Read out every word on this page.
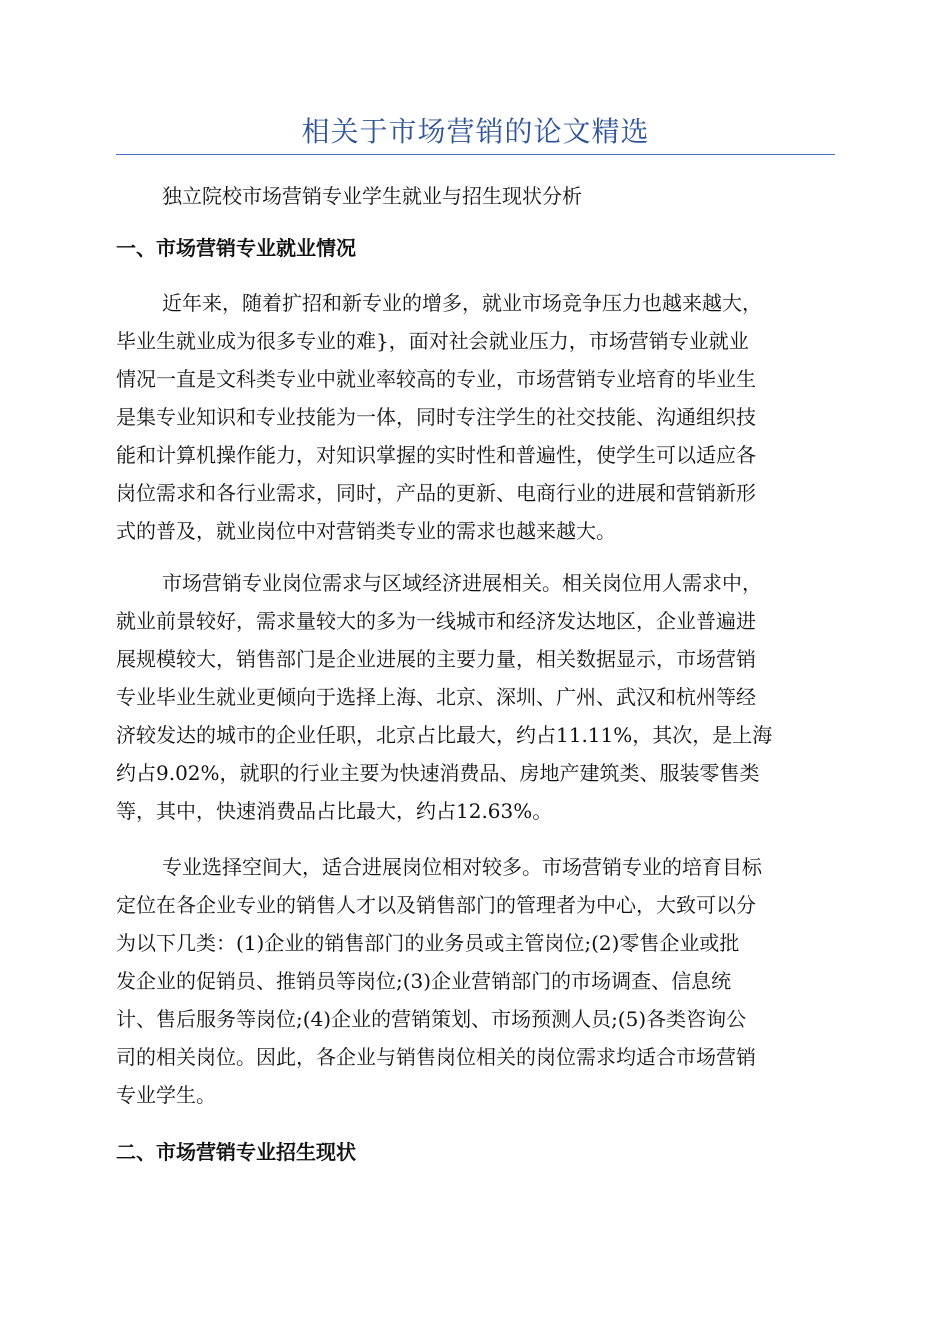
相关于市场营销的论文精选
独立院校市场营销专业学生就业与招生现状分析
一、市场营销专业就业情况
近年来，随着扩招和新专业的增多，就业市场竞争压力也越来越大，
毕业生就业成为很多专业的难}，面对社会就业压力，市场营销专业就业
情况一直是文科类专业中就业率较高的专业，市场营销专业培育的毕业生
是集专业知识和专业技能为一体，同时专注学生的社交技能、沟通组织技
能和计算机操作能力，对知识掌握的实时性和普遍性，使学生可以适应各
岗位需求和各行业需求，同时，产品的更新、电商行业的进展和营销新形
式的普及，就业岗位中对营销类专业的需求也越来越大。
市场营销专业岗位需求与区域经济进展相关。相关岗位用人需求中，
就业前景较好，需求量较大的多为一线城市和经济发达地区，企业普遍进
展规模较大，销售部门是企业进展的主要力量，相关数据显示，市场营销
专业毕业生就业更倾向于选择上海、北京、深圳、广州、武汉和杭州等经
济较发达的城市的企业任职，北京占比最大，约占11.11%，其次，是上海
约占9.02%，就职的行业主要为快速消费品、房地产建筑类、服装零售类
等，其中，快速消费品占比最大，约占12.63%。
专业选择空间大，适合进展岗位相对较多。市场营销专业的培育目标
定位在各企业专业的销售人才以及销售部门的管理者为中心，大致可以分
为以下几类：(1)企业的销售部门的业务员或主管岗位;(2)零售企业或批
发企业的促销员、推销员等岗位;(3)企业营销部门的市场调查、信息统
计、售后服务等岗位;(4)企业的营销策划、市场预测人员;(5)各类咨询公
司的相关岗位。因此，各企业与销售岗位相关的岗位需求均适合市场营销
专业学生。
二、市场营销专业招生现状
